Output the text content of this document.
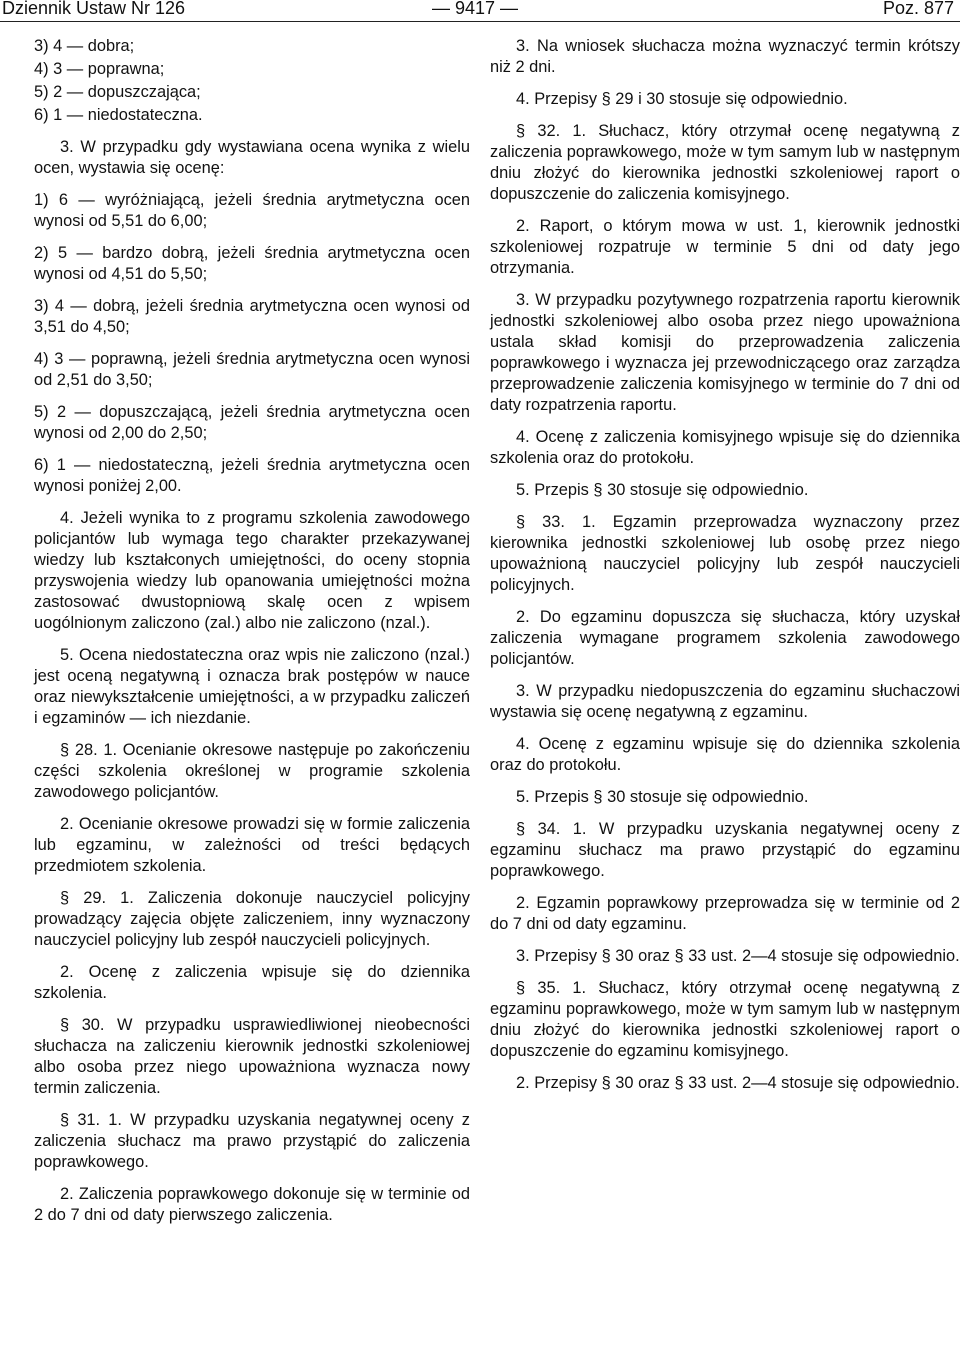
Dziennik Ustaw Nr 126	— 9417 —	Poz. 877

3) 4 — dobra;

4) 3 — poprawna;

5) 2 — dopuszczająca;

6) 1 — niedostateczna.

3. W przypadku gdy wystawiana ocena wynika z wielu ocen, wystawia się ocenę:

1) 6 — wyróżniającą, jeżeli średnia arytmetyczna ocen wynosi od 5,51 do 6,00;

2) 5 — bardzo dobrą, jeżeli średnia arytmetyczna ocen wynosi od 4,51 do 5,50;

3) 4 — dobrą, jeżeli średnia arytmetyczna ocen wynosi od 3,51 do 4,50;

4) 3 — poprawną, jeżeli średnia arytmetyczna ocen wynosi od 2,51 do 3,50;

5) 2 — dopuszczającą, jeżeli średnia arytmetyczna ocen wynosi od 2,00 do 2,50;

6) 1 — niedostateczną, jeżeli średnia arytmetyczna ocen wynosi poniżej 2,00.

4. Jeżeli wynika to z programu szkolenia zawodowego policjantów lub wymaga tego charakter przekazywanej wiedzy lub kształconych umiejętności, do oceny stopnia przyswojenia wiedzy lub opanowania umiejętności można zastosować dwustopniową skalę ocen z wpisem uogólnionym zaliczono (zal.) albo nie zaliczono (nzal.).

5. Ocena niedostateczna oraz wpis nie zaliczono (nzal.) jest oceną negatywną i oznacza brak postępów w nauce oraz niewykształcenie umiejętności, a w przypadku zaliczeń i egzaminów — ich niezdanie.

§ 28. 1. Ocenianie okresowe następuje po zakończeniu części szkolenia określonej w programie szkolenia zawodowego policjantów.

2. Ocenianie okresowe prowadzi się w formie zaliczenia lub egzaminu, w zależności od treści będących przedmiotem szkolenia.

§ 29. 1. Zaliczenia dokonuje nauczyciel policyjny prowadzący zajęcia objęte zaliczeniem, inny wyznaczony nauczyciel policyjny lub zespół nauczycieli policyjnych.

2. Ocenę z zaliczenia wpisuje się do dziennika szkolenia.

§ 30. W przypadku usprawiedliwionej nieobecności słuchacza na zaliczeniu kierownik jednostki szkoleniowej albo osoba przez niego upoważniona wyznacza nowy termin zaliczenia.

§ 31. 1. W przypadku uzyskania negatywnej oceny z zaliczenia słuchacz ma prawo przystąpić do zaliczenia poprawkowego.

2. Zaliczenia poprawkowego dokonuje się w terminie od 2 do 7 dni od daty pierwszego zaliczenia.

3. Na wniosek słuchacza można wyznaczyć termin krótszy niż 2 dni.

4. Przepisy § 29 i 30 stosuje się odpowiednio.

§ 32. 1. Słuchacz, który otrzymał ocenę negatywną z zaliczenia poprawkowego, może w tym samym lub w następnym dniu złożyć do kierownika jednostki szkoleniowej raport o dopuszczenie do zaliczenia komisyjnego.

2. Raport, o którym mowa w ust. 1, kierownik jednostki szkoleniowej rozpatruje w terminie 5 dni od daty jego otrzymania.

3. W przypadku pozytywnego rozpatrzenia raportu kierownik jednostki szkoleniowej albo osoba przez niego upoważniona ustala skład komisji do przeprowadzenia zaliczenia poprawkowego i wyznacza jej przewodniczącego oraz zarządza przeprowadzenie zaliczenia komisyjnego w terminie do 7 dni od daty rozpatrzenia raportu.

4. Ocenę z zaliczenia komisyjnego wpisuje się do dziennika szkolenia oraz do protokołu.

5. Przepis § 30 stosuje się odpowiednio.

§ 33. 1. Egzamin przeprowadza wyznaczony przez kierownika jednostki szkoleniowej lub osobę przez niego upoważnioną nauczyciel policyjny lub zespół nauczycieli policyjnych.

2. Do egzaminu dopuszcza się słuchacza, który uzyskał zaliczenia wymagane programem szkolenia zawodowego policjantów.

3. W przypadku niedopuszczenia do egzaminu słuchaczowi wystawia się ocenę negatywną z egzaminu.

4. Ocenę z egzaminu wpisuje się do dziennika szkolenia oraz do protokołu.

5. Przepis § 30 stosuje się odpowiednio.

§ 34. 1. W przypadku uzyskania negatywnej oceny z egzaminu słuchacz ma prawo przystąpić do egzaminu poprawkowego.

2. Egzamin poprawkowy przeprowadza się w terminie od 2 do 7 dni od daty egzaminu.

3. Przepisy § 30 oraz § 33 ust. 2—4 stosuje się odpowiednio.

§ 35. 1. Słuchacz, który otrzymał ocenę negatywną z egzaminu poprawkowego, może w tym samym lub w następnym dniu złożyć do kierownika jednostki szkoleniowej raport o dopuszczenie do egzaminu komisyjnego.

2. Przepisy § 30 oraz § 33 ust. 2—4 stosuje się odpowiednio.
